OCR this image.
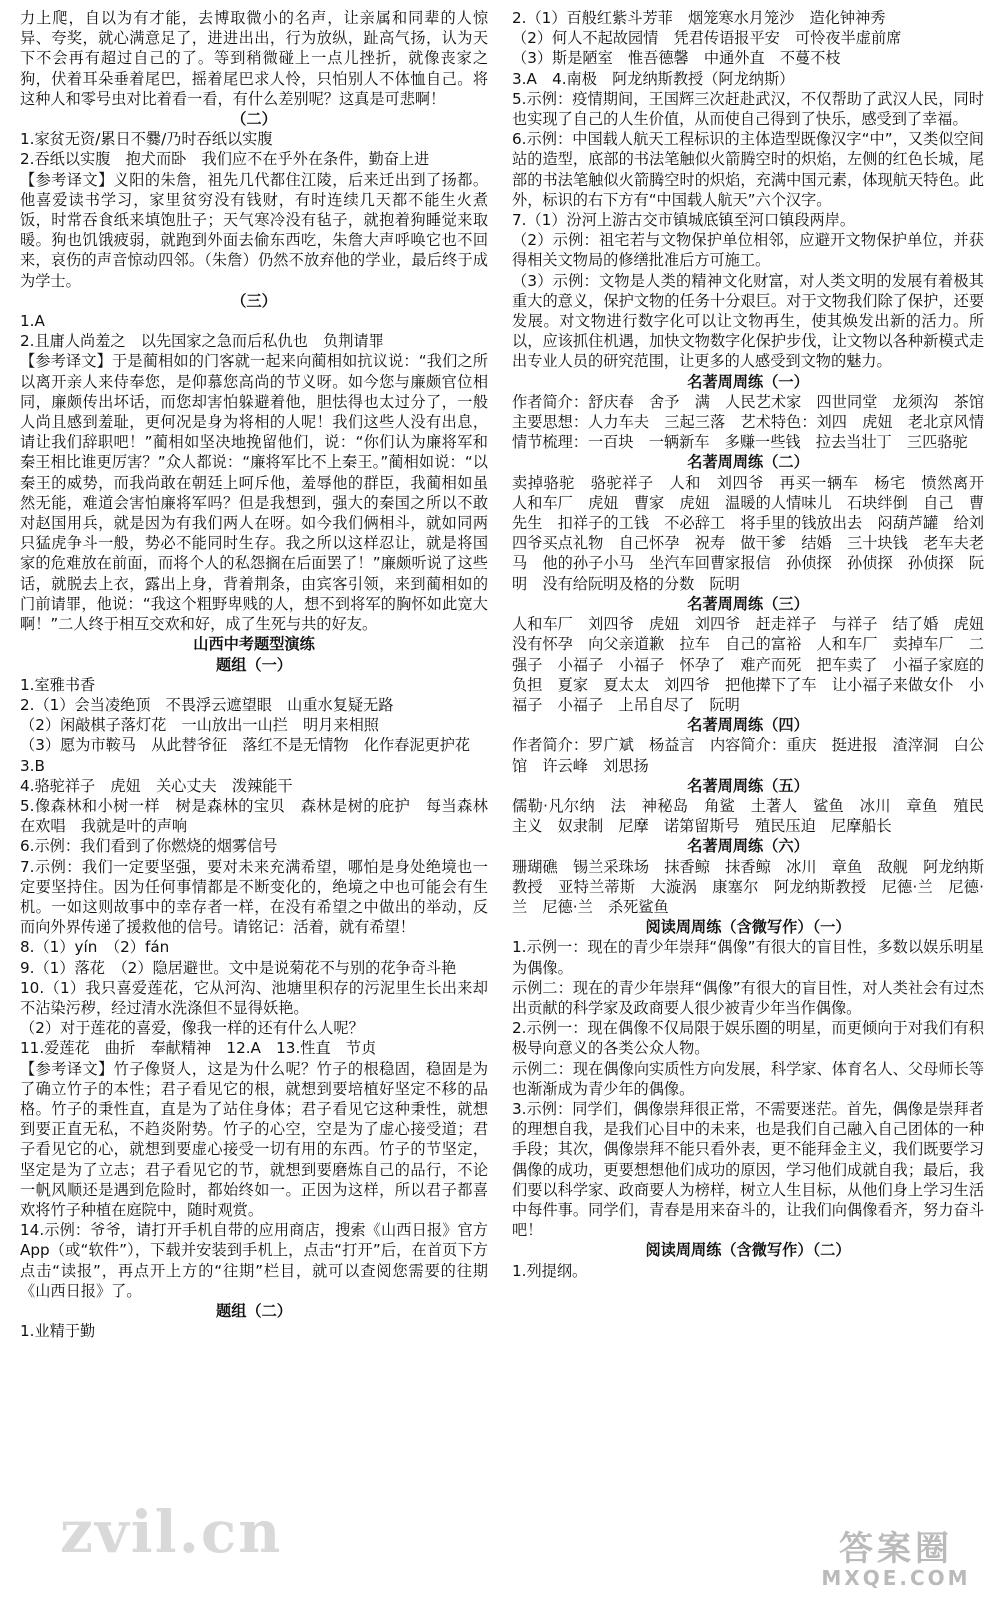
力上爬，自以为有才能，去博取微小的名声，让亲属和同辈的人惊异、夸奖，就心满意足了，进进出出，行为放纵，趾高气扬，认为天下不会再有超过自己的了。等到稍微碰上一点儿挫折，就像丧家之狗，伏着耳朵垂着尾巴，摇着尾巴求人怜，只怕别人不体恤自己。将这种人和零号虫对比着看一看，有什么差别呢？这真是可悲啊！

（二）

1.家贫无资/累日不爨/乃时吞纸以实腹

2.吞纸以实腹　抱犬而卧　我们应不在乎外在条件，勤奋上进

【参考译文】义阳的朱詹，祖先几代都住江陵，后来迁出到了扬都。他喜爱读书学习，家里贫穷没有钱财，有时连续几天都不能生火煮饭，时常吞食纸来填饱肚子；天气寒冷没有毡子，就抱着狗睡觉来取暖。狗也饥饿疲弱，就跑到外面去偷东西吃，朱詹大声呼唤它也不回来，哀伤的声音惊动四邻。（朱詹）仍然不放弃他的学业，最后终于成为学士。

（三）

1.A

2.且庸人尚羞之　以先国家之急而后私仇也　负荆请罪

【参考译文】于是蔺相如的门客就一起来向蔺相如抗议说：“我们之所以离开亲人来侍奉您，是仰慕您高尚的节义呀。如今您与廉颇官位相同，廉颇传出坏话，而您却害怕躲避着他，胆怯得也太过分了，一般人尚且感到羞耻，更何况是身为将相的人呢！我们这些人没有出息，请让我们辞职吧！”蔺相如坚决地挽留他们，说：“你们认为廉将军和秦王相比谁更厉害？”众人都说：“廉将军比不上秦王。”蔺相如说：“以秦王的威势，而我尚敢在朝廷上呵斥他，羞辱他的群臣，我蔺相如虽然无能，难道会害怕廉将军吗？但是我想到，强大的秦国之所以不敢对赵国用兵，就是因为有我们两人在呀。如今我们俩相斗，就如同两只猛虎争斗一般，势必不能同时生存。我之所以这样忍让，就是将国家的危难放在前面，而将个人的私怨搁在后面罢了！”廉颇听说了这些话，就脱去上衣，露出上身，背着荆条，由宾客引领，来到蔺相如的门前请罪，他说：“我这个粗野卑贱的人，想不到将军的胸怀如此宽大啊！”二人终于相互交欢和好，成了生死与共的好友。

山西中考题型演练

题组（一）

1.室雅书香

2.（1）会当凌绝顶　不畏浮云遮望眼　山重水复疑无路

（2）闲敲棋子落灯花　一山放出一山拦　明月来相照

（3）愿为市鞍马　从此替爷征　落红不是无情物　化作春泥更护花

3.B

4.骆驼祥子　虎妞　关心丈夫　泼辣能干

5.像森林和小树一样　树是森林的宝贝　森林是树的庇护　每当森林在欢唱　我就是叶的声响

6.示例：我们看到了你燃烧的烟雾信号

7.示例：我们一定要坚强，要对未来充满希望，哪怕是身处绝境也一定要坚持住。因为任何事情都是不断变化的，绝境之中也可能会有生机。一如这则故事中的幸存者一样，在没有希望之中做出的举动，反而向外界传递了援救他的信号。请铭记：活着，就有希望！

8.（1）yín　（2）fán

9.（1）落花　（2）隐居避世。文中是说菊花不与别的花争奇斗艳

10.（1）我只喜爱莲花，它从河沟、池塘里积存的污泥里生长出来却不沾染污秽，经过清水洗涤但不显得妖艳。

（2）对于莲花的喜爱，像我一样的还有什么人呢？

11.爱莲花　曲折　奉献精神　12.A　13.性直　节贞

【参考译文】竹子像贤人，这是为什么呢？竹子的根稳固，稳固是为了确立竹子的本性；君子看见它的根，就想到要培植好坚定不移的品格。竹子的秉性直，直是为了站住身体；君子看见它这种秉性，就想到要正直无私，不趋炎附势。竹子的心空，空是为了虚心接受道；君子看见它的心，就想到要虚心接受一切有用的东西。竹子的节坚定，坚定是为了立志；君子看见它的节，就想到要磨炼自己的品行，不论一帆风顺还是遇到危险时，都始终如一。正因为这样，所以君子都喜欢将竹子种植在庭院中，随时观赏。

14.示例：爷爷，请打开手机自带的应用商店，搜索《山西日报》官方App（或“软件”），下载并安装到手机上，点击“打开”后，在首页下方点击“读报”，再点开上方的“往期”栏目，就可以查阅您需要的往期《山西日报》了。

题组（二）

1.业精于勤

2.（1）百般红紫斗芳菲　烟笼寒水月笼沙　造化钟神秀

（2）何人不起故园情　凭君传语报平安　可怜夜半虚前席

（3）斯是陋室　惟吾德馨　中通外直　不蔓不枝

3.A　4.南极　阿龙纳斯教授（阿龙纳斯）

5.示例：疫情期间，王国辉三次赶赴武汉，不仅帮助了武汉人民，同时也实现了自己的人生价值，从而使自己得到了快乐，感受到了幸福。

6.示例：中国载人航天工程标识的主体造型既像汉字“中”，又类似空间站的造型，底部的书法笔触似火箭腾空时的炽焰，左侧的红色长城，尾部的书法笔触似火箭腾空时的炽焰，充满中国元素，体现航天特色。此外，标识的右下方有“中国载人航天”六个汉字。

7.（1）汾河上游古交市镇城底镇至河口镇段两岸。

（2）示例：祖宅若与文物保护单位相邻，应避开文物保护单位，并获得相关文物局的修缮批准后方可施工。

（3）示例：文物是人类的精神文化财富，对人类文明的发展有着极其重大的意义，保护文物的任务十分艰巨。对于文物我们除了保护，还要发展。对文物进行数字化可以让文物再生，使其焕发出新的活力。所以，应该抓住机遇，加快文物数字化保护步伐，让文物以各种新模式走出专业人员的研究范围，让更多的人感受到文物的魅力。

名著周周练（一）

作者简介：舒庆春　舍予　满　人民艺术家　四世同堂　龙须沟　茶馆　主要思想：人力车夫　三起三落　艺术特色：刘四　虎妞　老北京风情　情节梳理：一百块　一辆新车　多赚一些钱　拉去当壮丁　三匹骆驼

名著周周练（二）

卖掉骆驼　骆驼祥子　人和　刘四爷　再买一辆车　杨宅　愤然离开　人和车厂　虎妞　曹家　虎妞　温暖的人情味儿　石块绊倒　自己　曹先生　扣祥子的工钱　不必辞工　将手里的钱放出去　闷葫芦罐　给刘四爷买点礼物　自己怀孕　祝寿　做干爹　结婚　三十块钱　老车夫老马　他的孙子小马　坐汽车回曹家报信　孙侦探　孙侦探　孙侦探　阮明　没有给阮明及格的分数　阮明

名著周周练（三）

人和车厂　刘四爷　虎妞　刘四爷　赶走祥子　与祥子　结了婚　虎妞没有怀孕　向父亲道歉　拉车　自己的富裕　人和车厂　卖掉车厂　二强子　小福子　小福子　怀孕了　难产而死　把车卖了　小福子家庭的负担　夏家　夏太太　刘四爷　把他撵下了车　让小福子来做女仆　小福子　小福子　上吊自尽了　阮明

名著周周练（四）

作者简介：罗广斌　杨益言　内容简介：重庆　挺进报　渣滓洞　白公馆　许云峰　刘思扬

名著周周练（五）

儒勒·凡尔纳　法　神秘岛　角鲨　土著人　鲨鱼　冰川　章鱼　殖民主义　奴隶制　尼摩　诺第留斯号　殖民压迫　尼摩船长

名著周周练（六）

珊瑚礁　锡兰采珠场　抹香鲸　抹香鲸　冰川　章鱼　敌舰　阿龙纳斯教授　亚特兰蒂斯　大漩涡　康塞尔　阿龙纳斯教授　尼德·兰　尼德·兰　尼德·兰　杀死鲨鱼

阅读周周练（含微写作）（一）

1.示例一：现在的青少年崇拜“偶像”有很大的盲目性，多数以娱乐明星为偶像。

示例二：现在的青少年崇拜“偶像”有很大的盲目性，对人类社会有过杰出贡献的科学家及政商要人很少被青少年当作偶像。

2.示例一：现在偶像不仅局限于娱乐圈的明星，而更倾向于对我们有积极导向意义的各类公众人物。

示例二：现在偶像向实质性方向发展，科学家、体育名人、父母师长等也渐渐成为青少年的偶像。

3.示例：同学们，偶像崇拜很正常，不需要迷茫。首先，偶像是崇拜者的理想自我，是我们心目中的未来，也是我们自己融入自己团体的一种手段；其次，偶像崇拜不能只看外表，更不能拜金主义，我们既要学习偶像的成功，更要想想他们成功的原因，学习他们成就自我；最后，我们要以科学家、政商要人为榜样，树立人生目标，从他们身上学习生活中每件事。同学们，青春是用来奋斗的，让我们向偶像看齐，努力奋斗吧！

阅读周周练（含微写作）（二）

1.列提纲。

zvil.cn	答案圈
MXQE.COM
